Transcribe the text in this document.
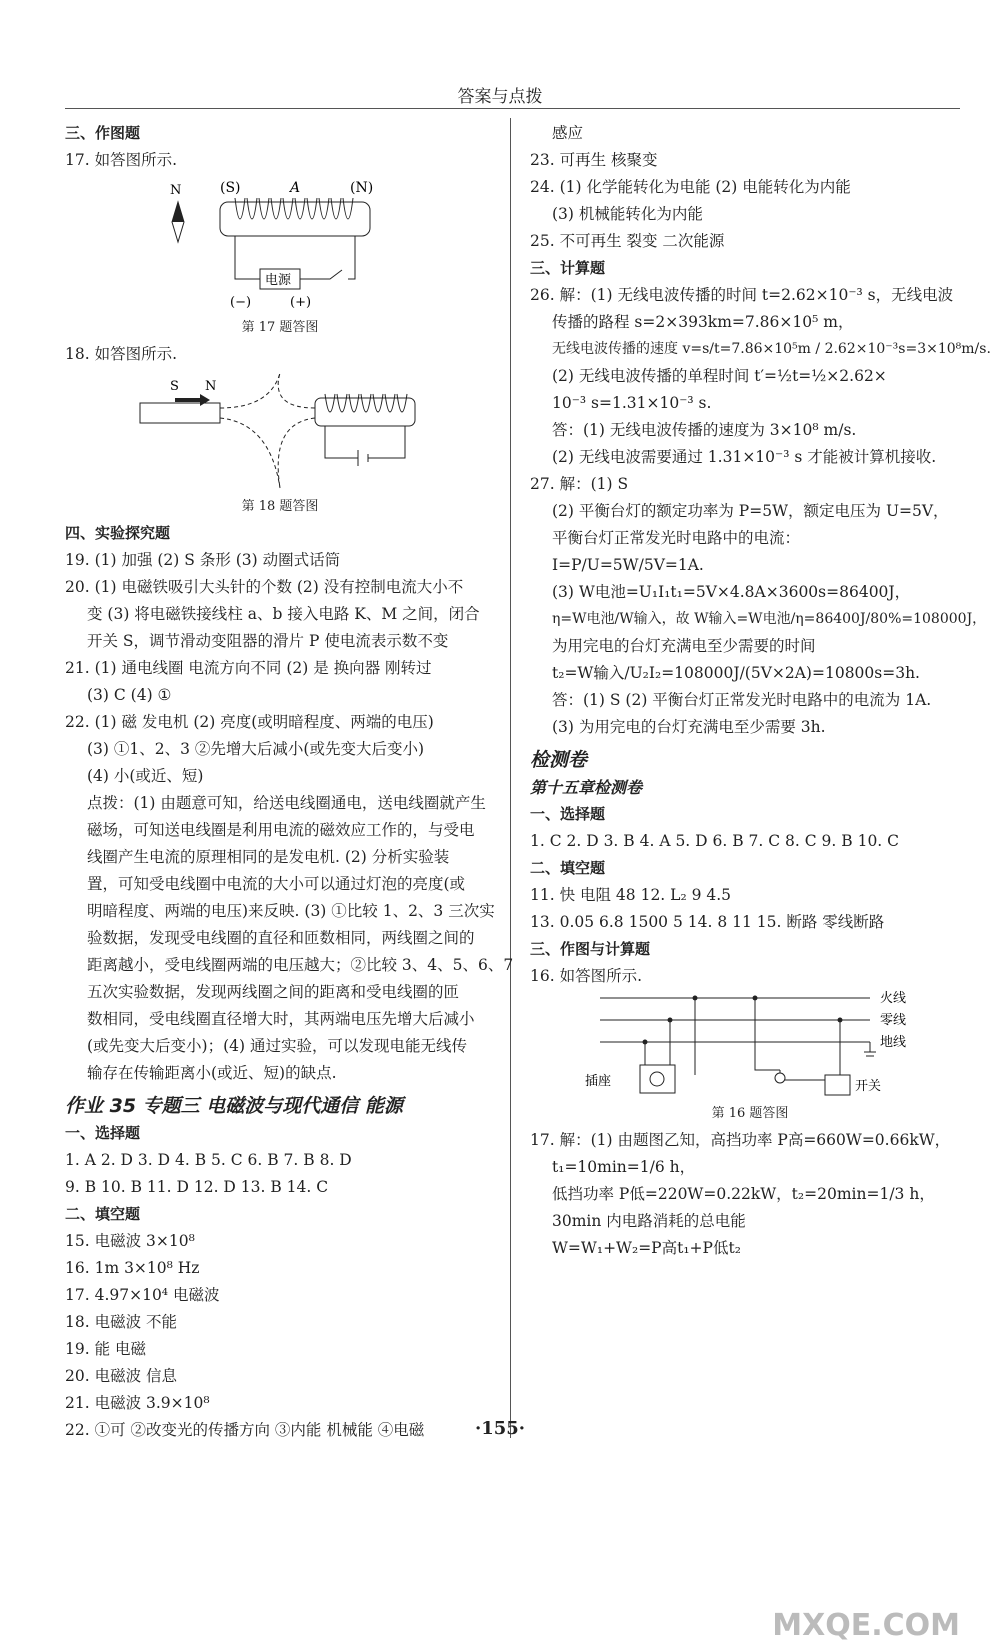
答案与点拨
三、作图题
17. 如答图所示.
N	(S)	A	(N)
电源
(−)	(+)
第 17 题答图
18. 如答图所示.
S N
第 18 题答图
四、实验探究题
19. (1) 加强 (2) S 条形 (3) 动圈式话筒
20. (1) 电磁铁吸引大头针的个数 (2) 没有控制电流大小不
变 (3) 将电磁铁接线柱 a、b 接入电路 K、M 之间，闭合
开关 S，调节滑动变阻器的滑片 P 使电流表示数不变
21. (1) 通电线圈 电流方向不同 (2) 是 换向器 刚转过
(3) C (4) ①
22. (1) 磁 发电机 (2) 亮度(或明暗程度、两端的电压)
(3) ①1、2、3 ②先增大后减小(或先变大后变小)
(4) 小(或近、短)
点拨：(1) 由题意可知，给送电线圈通电，送电线圈就产生
磁场，可知送电线圈是利用电流的磁效应工作的，与受电
线圈产生电流的原理相同的是发电机. (2) 分析实验装
置，可知受电线圈中电流的大小可以通过灯泡的亮度(或
明暗程度、两端的电压)来反映. (3) ①比较 1、2、3 三次实
验数据，发现受电线圈的直径和匝数相同，两线圈之间的
距离越小，受电线圈两端的电压越大；②比较 3、4、5、6、7
五次实验数据，发现两线圈之间的距离和受电线圈的匝
数相同，受电线圈直径增大时，其两端电压先增大后减小
(或先变大后变小)；(4) 通过实验，可以发现电能无线传
输存在传输距离小(或近、短)的缺点.
作业 35 专题三 电磁波与现代通信 能源
一、选择题
1. A 2. D 3. D 4. B 5. C 6. B 7. B 8. D
9. B 10. B 11. D 12. D 13. B 14. C
二、填空题
15. 电磁波 3×10⁸
16. 1m 3×10⁸ Hz
17. 4.97×10⁴ 电磁波
18. 电磁波 不能
19. 能 电磁
20. 电磁波 信息
21. 电磁波 3.9×10⁸
22. ①可 ②改变光的传播方向 ③内能 机械能 ④电磁
感应
23. 可再生 核聚变
24. (1) 化学能转化为电能 (2) 电能转化为内能
(3) 机械能转化为内能
25. 不可再生 裂变 二次能源
三、计算题
26. 解：(1) 无线电波传播的时间 t=2.62×10⁻³ s，无线电波
传播的路程 s=2×393km=7.86×10⁵ m，
无线电波传播的速度 v=s/t=7.86×10⁵m / 2.62×10⁻³s=3×10⁸m/s.
(2) 无线电波传播的单程时间 t′=½t=½×2.62×
10⁻³ s=1.31×10⁻³ s.
答：(1) 无线电波传播的速度为 3×10⁸ m/s.
(2) 无线电波需要通过 1.31×10⁻³ s 才能被计算机接收.
27. 解：(1) S
(2) 平衡台灯的额定功率为 P=5W，额定电压为 U=5V，
平衡台灯正常发光时电路中的电流：
I=P/U=5W/5V=1A.
(3) W电池=U₁I₁t₁=5V×4.8A×3600s=86400J，
η=W电池/W输入，故 W输入=W电池/η=86400J/80%=108000J，
为用完电的台灯充满电至少需要的时间
t₂=W输入/U₂I₂=108000J/(5V×2A)=10800s=3h.
答：(1) S (2) 平衡台灯正常发光时电路中的电流为 1A.
(3) 为用完电的台灯充满电至少需要 3h.
检测卷
第十五章检测卷
一、选择题
1. C 2. D 3. B 4. A 5. D 6. B 7. C 8. C 9. B 10. C
二、填空题
11. 快 电阻 48 12. L₂ 9 4.5
13. 0.05 6.8 1500 5 14. 8 11 15. 断路 零线断路
三、作图与计算题
16. 如答图所示.
火线
零线
地线
插座	开关
第 16 题答图
17. 解：(1) 由题图乙知，高挡功率 P高=660W=0.66kW，
t₁=10min=1/6 h，
低挡功率 P低=220W=0.22kW，t₂=20min=1/3 h，
30min 内电路消耗的总电能
W=W₁+W₂=P高t₁+P低t₂
·155·
MXQE.COM
